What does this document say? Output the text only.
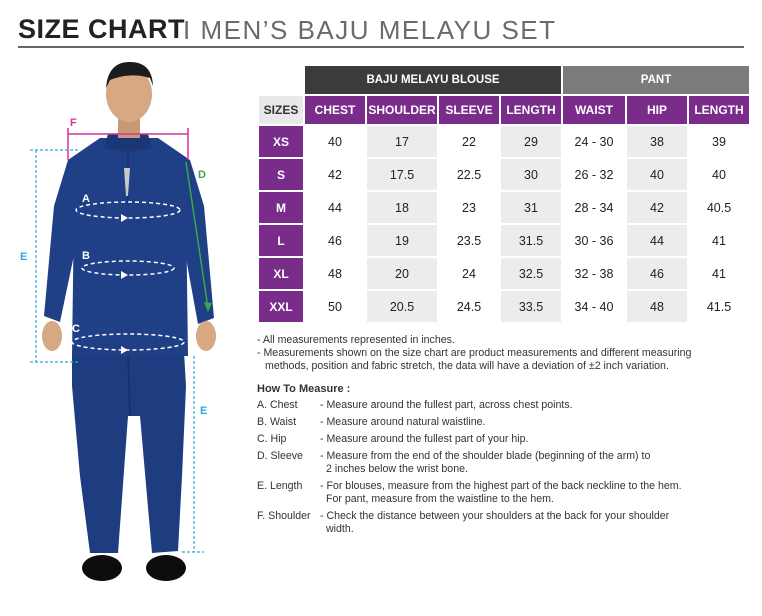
SIZE CHART
I MEN’S BAJU MELAYU SET
F
D
E
E
A
B
C
	BAJU MELAYU BLOUSE				PANT		
SIZES	CHEST	SHOULDER	SLEEVE	LENGTH	WAIST	HIP	LENGTH
XS	40	17	22	29	24 - 30	38	39
S	42	17.5	22.5	30	26 - 32	40	40
M	44	18	23	31	28 - 34	42	40.5
L	46	19	23.5	31.5	30 - 36	44	41
XL	48	20	24	32.5	32 - 38	46	41
XXL	50	20.5	24.5	33.5	34 - 40	48	41.5

- All measurements represented in inches.

- Measurements shown on the size chart are product measurements and different measuring

methods, position and fabric stretch, the data will have a deviation of ±2 inch variation.

How To Measure :
A. Chest - Measure around the fullest part, across chest points.
B. Waist - Measure around natural waistline.
C. Hip	- Measure around the fullest part of your hip.
D. Sleeve - Measure from the end of the shoulder blade (beginning of the arm) to
2 inches below the wrist bone.
E. Length - For blouses, measure from the highest part of the back neckline to the hem.
For pant, measure from the waistline to the hem.
F. Shoulder - Check the distance between your shoulders at the back for your shoulder
width.
